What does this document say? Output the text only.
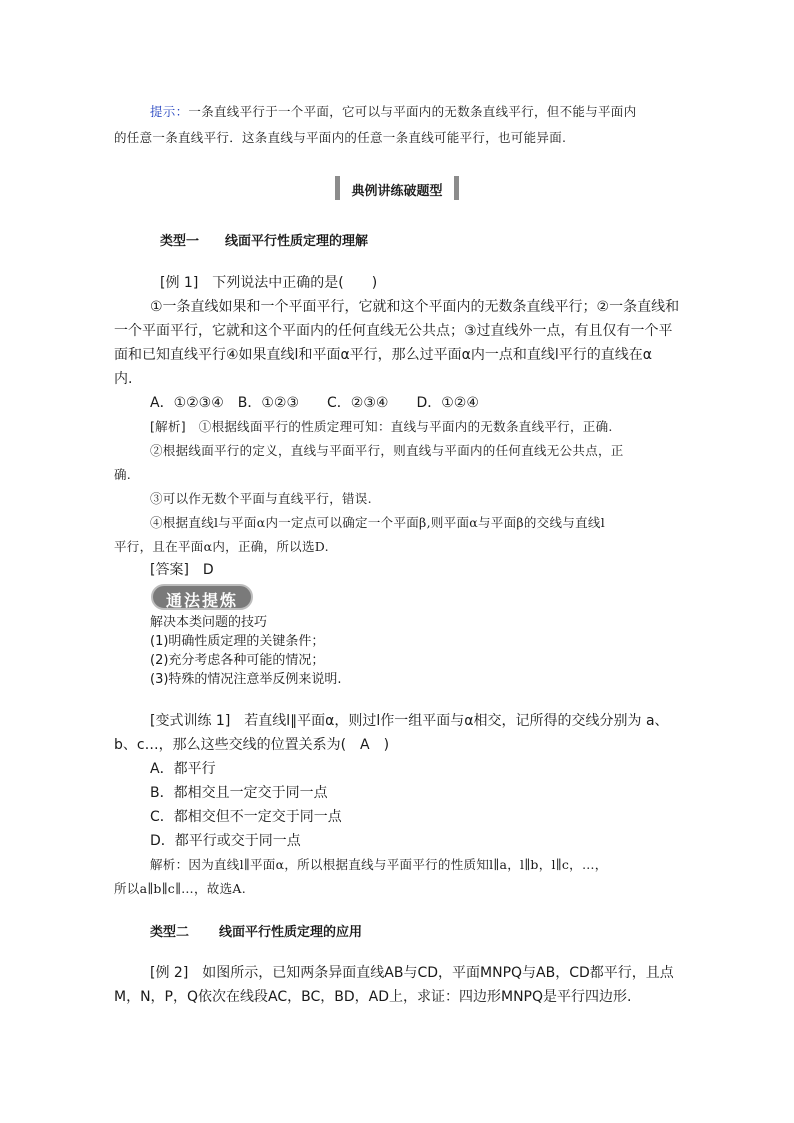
提示：一条直线平行于一个平面，它可以与平面内的无数条直线平行，但不能与平面内
的任意一条直线平行．这条直线与平面内的任意一条直线可能平行，也可能异面.
典例讲练破题型
类型一 线面平行性质定理的理解
[例 1]　下列说法中正确的是(　　)
①一条直线如果和一个平面平行，它就和这个平面内的无数条直线平行；②一条直线和
一个平面平行，它就和这个平面内的任何直线无公共点；③过直线外一点，有且仅有一个平
面和已知直线平行④如果直线l和平面α平行，那么过平面α内一点和直线l平行的直线在α
内.
A．①②③④　B．①②③　　C．②③④　　D．①②④
[解析]　①根据线面平行的性质定理可知：直线与平面内的无数条直线平行，正确.
②根据线面平行的定义，直线与平面平行，则直线与平面内的任何直线无公共点，正
确.
③可以作无数个平面与直线平行，错误.
④根据直线l与平面α内一定点可以确定一个平面β,则平面α与平面β的交线与直线l
平行，且在平面α内，正确，所以选D.
[答案]　D
通法提炼
解决本类问题的技巧
(1)明确性质定理的关键条件；
(2)充分考虑各种可能的情况；
(3)特殊的情况注意举反例来说明.
[变式训练 1]　若直线l∥平面α，则过l作一组平面与α相交，记所得的交线分别为 a、
b、c…，那么这些交线的位置关系为(　A　)
A．都平行
B．都相交且一定交于同一点
C．都相交但不一定交于同一点
D．都平行或交于同一点
解析：因为直线l∥平面α，所以根据直线与平面平行的性质知l∥a，l∥b，l∥c，…，
所以a∥b∥c∥…，故选A.
类型二 线面平行性质定理的应用
[例 2]　如图所示，已知两条异面直线AB与CD，平面MNPQ与AB，CD都平行，且点
M，N，P，Q依次在线段AC，BC，BD，AD上，求证：四边形MNPQ是平行四边形.
